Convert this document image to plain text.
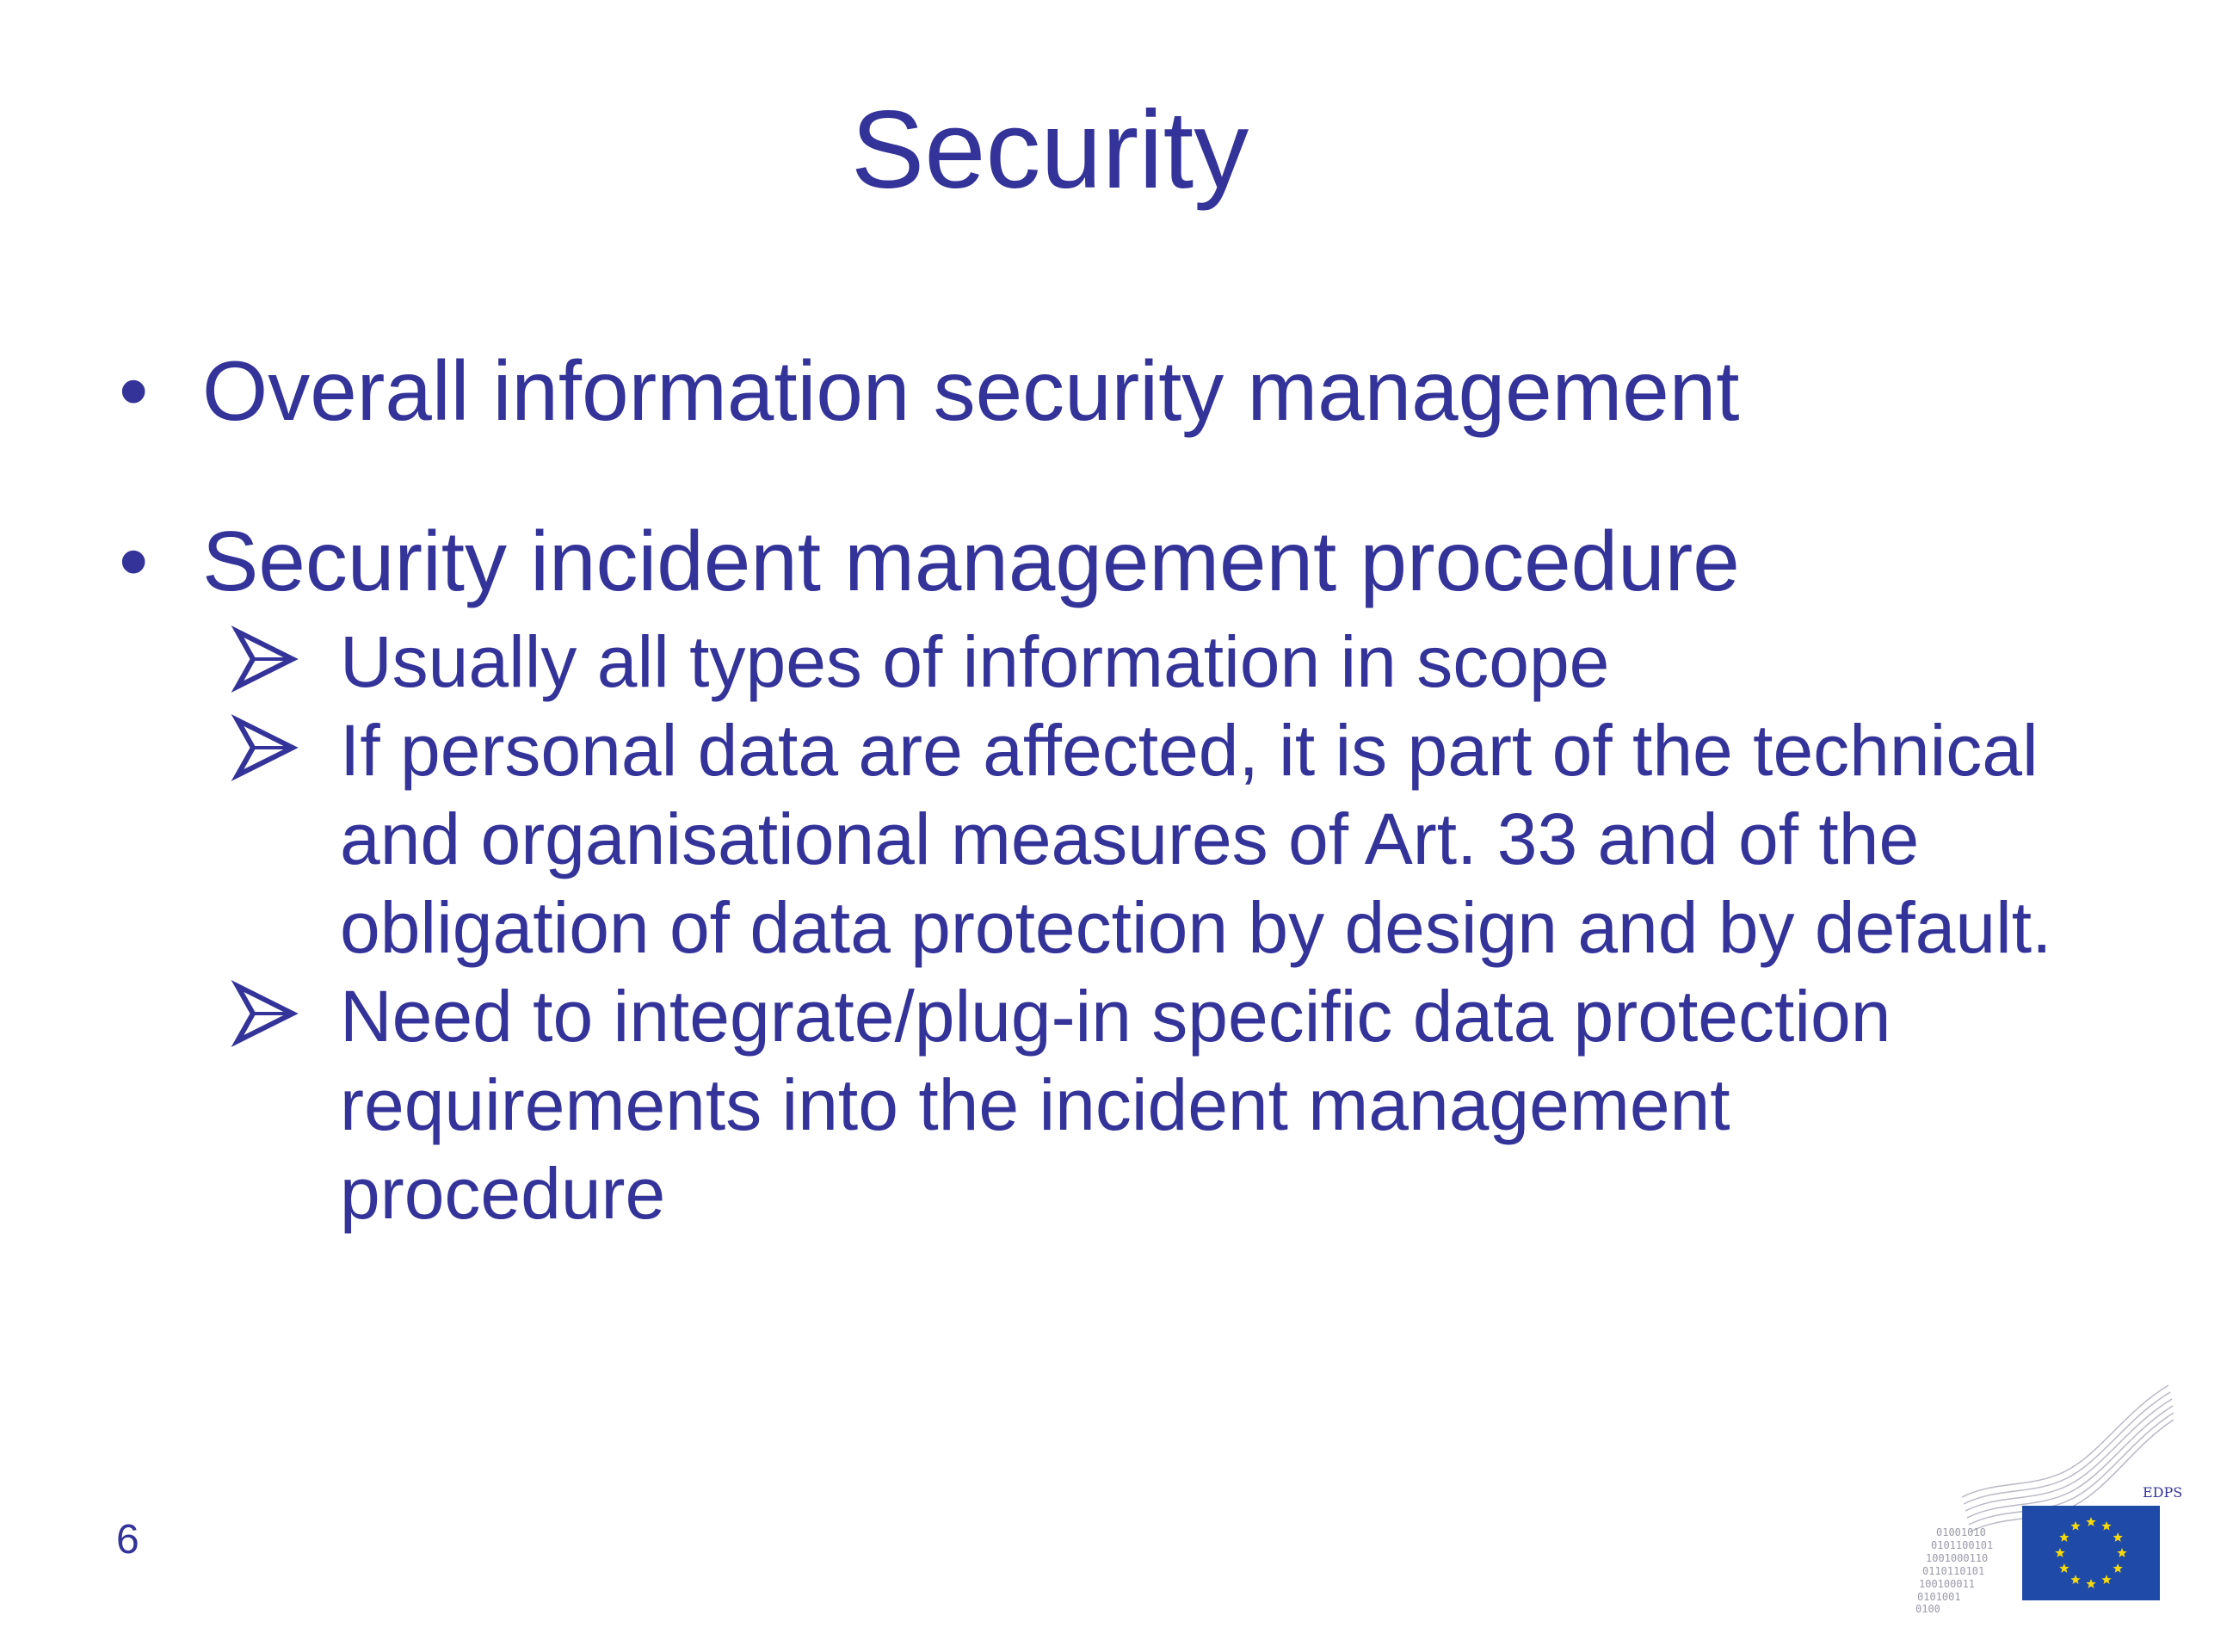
Security
• Overall information security management
• Security incident management procedure
Usually all types of information in scope
If personal data are affected, it is part of the technical
and organisational measures of Art. 33 and of the
obligation of data protection by design and by default.
Need to integrate/plug-in specific data protection
requirements into the incident management
procedure
6	01001010
0101100101
1001000110
0110110101
100100011
0101001
0100
EDPS
